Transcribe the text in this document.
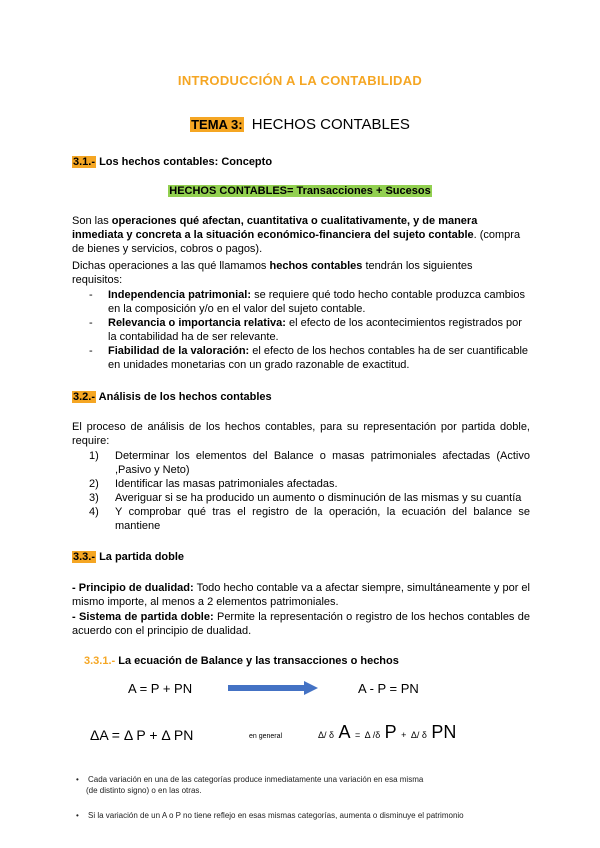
INTRODUCCIÓN A LA CONTABILIDAD
TEMA 3: HECHOS CONTABLES
3.1.- Los hechos contables: Concepto
HECHOS CONTABLES= Transacciones + Sucesos
Son las operaciones qué afectan, cuantitativa o cualitativamente, y de manera inmediata y concreta a la situación económico-financiera del sujeto contable. (compra de bienes y servicios, cobros o pagos).
Dichas operaciones a las qué llamamos hechos contables tendrán los siguientes requisitos:
- Independencia patrimonial: se requiere qué todo hecho contable produzca cambios en la composición y/o en el valor del sujeto contable.
- Relevancia o importancia relativa: el efecto de los acontecimientos registrados por la contabilidad ha de ser relevante.
- Fiabilidad de la valoración: el efecto de los hechos contables ha de ser cuantificable en unidades monetarias con un grado razonable de exactitud.
3.2.- Análisis de los hechos contables
El proceso de análisis de los hechos contables, para su representación por partida doble, require:
1) Determinar los elementos del Balance o masas patrimoniales afectadas (Activo ,Pasivo y Neto)
2) Identificar las masas patrimoniales afectadas.
3) Averiguar si se ha producido un aumento o disminución de las mismas y su cuantía
4) Y comprobar qué tras el registro de la operación, la ecuación del balance se mantiene
3.3.- La partida doble
- Principio de dualidad: Todo hecho contable va a afectar siempre, simultáneamente y por el mismo importe, al menos a 2 elementos patrimoniales.
- Sistema de partida doble: Permite la representación o registro de los hechos contables de acuerdo con el principio de dualidad.
3.3.1.- La ecuación de Balance y las transacciones o hechos
A = P + PN	A - P = PN
ΔA = Δ P + Δ PN	en general	Δ/ δ A = Δ /δ P + Δ/ δ PN
•	Cada variación en una de las categorías produce inmediatamente una variación en esa misma
(de distinto signo) o en las otras.
•	Si la variación de un A o P no tiene reflejo en esas mismas categorías, aumenta o disminuye el patrimonio
